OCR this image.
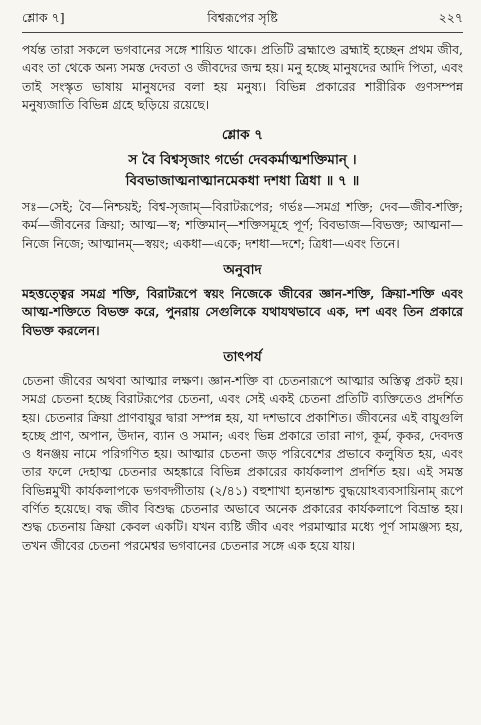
শ্লোক ৭]	বিশ্বরূপের সৃষ্টি	২২৭

পর্যন্ত তারা সকলে ভগবানের সঙ্গে শায়িত থাকে। প্রতিটি ব্রহ্মাণ্ডে ব্রহ্মাই হচ্ছেন প্রথম জীব, এবং তা থেকে অন্য সমস্ত দেবতা ও জীবদের জন্ম হয়। মনু হচ্ছে মানুষদের আদি পিতা, এবং তাই সংস্কৃত ভাষায় মানুষদের বলা হয় মনুষ্য। বিভিন্ন প্রকারের শারীরিক গুণসম্পন্ন মনুষ্যজাতি বিভিন্ন গ্রহে ছড়িয়ে রয়েছে।

শ্লোক ৭

স বৈ বিশ্বসৃজাং গর্ভো দেবকর্মাত্মশক্তিমান্ ।

বিবভাজাত্মনাত্মানমেকধা দশধা ত্রিধা ॥ ৭ ॥

সঃ—সেই; বৈ—নিশ্চয়ই; বিশ্ব-সৃজাম্—বিরাটরূপের; গর্ভঃ—সমগ্র শক্তি; দেব—জীব-শক্তি; কর্ম—জীবনের ক্রিয়া; আত্ম—স্ব; শক্তিমান্—শক্তিসমূহে পূর্ণ; বিবভাজ—বিভক্ত; আত্মনা—নিজে নিজে; আত্মানম্—স্বয়ং; একধা—একে; দশধা—দশে; ত্রিধা—এবং তিনে।

অনুবাদ

মহত্তত্ত্বের সমগ্র শক্তি, বিরাটরূপে স্বয়ং নিজেকে জীবের জ্ঞান-শক্তি, ক্রিয়া-শক্তি এবং আত্ম-শক্তিতে বিভক্ত করে, পুনরায় সেগুলিকে যথাযথভাবে এক, দশ এবং তিন প্রকারে বিভক্ত করলেন।

তাৎপর্য

চেতনা জীবের অথবা আত্মার লক্ষণ। জ্ঞান-শক্তি বা চেতনারূপে আত্মার অস্তিত্ব প্রকট হয়। সমগ্র চেতনা হচ্ছে বিরাটরূপের চেতনা, এবং সেই একই চেতনা প্রতিটি ব্যক্তিতেও প্রদর্শিত হয়। চেতনার ক্রিয়া প্রাণবায়ুর দ্বারা সম্পন্ন হয়, যা দশভাবে প্রকাশিত। জীবনের এই বায়ুগুলি হচ্ছে প্রাণ, অপান, উদান, ব্যান ও সমান; এবং ভিন্ন প্রকারে তারা নাগ, কূর্ম, কৃকর, দেবদত্ত ও ধনঞ্জয় নামে পরিগণিত হয়। আত্মার চেতনা জড় পরিবেশের প্রভাবে কলুষিত হয়, এবং তার ফলে দেহাত্ম চেতনার অহঙ্কারে বিভিন্ন প্রকারের কার্যকলাপ প্রদর্শিত হয়। এই সমস্ত বিভিন্নমুখী কার্যকলাপকে ভগবদ্গীতায় (২/৪১) বহুশাখা হ্যনন্তাশ্চ বুদ্ধয়োঽব্যবসায়িনাম্ রূপে বর্ণিত হয়েছে। বদ্ধ জীব বিশুদ্ধ চেতনার অভাবে অনেক প্রকারের কার্যকলাপে বিভ্রান্ত হয়। শুদ্ধ চেতনায় ক্রিয়া কেবল একটি। যখন ব্যষ্টি জীব এবং পরমাত্মার মধ্যে পূর্ণ সামঞ্জস্য হয়, তখন জীবের চেতনা পরমেশ্বর ভগবানের চেতনার সঙ্গে এক হয়ে যায়।
